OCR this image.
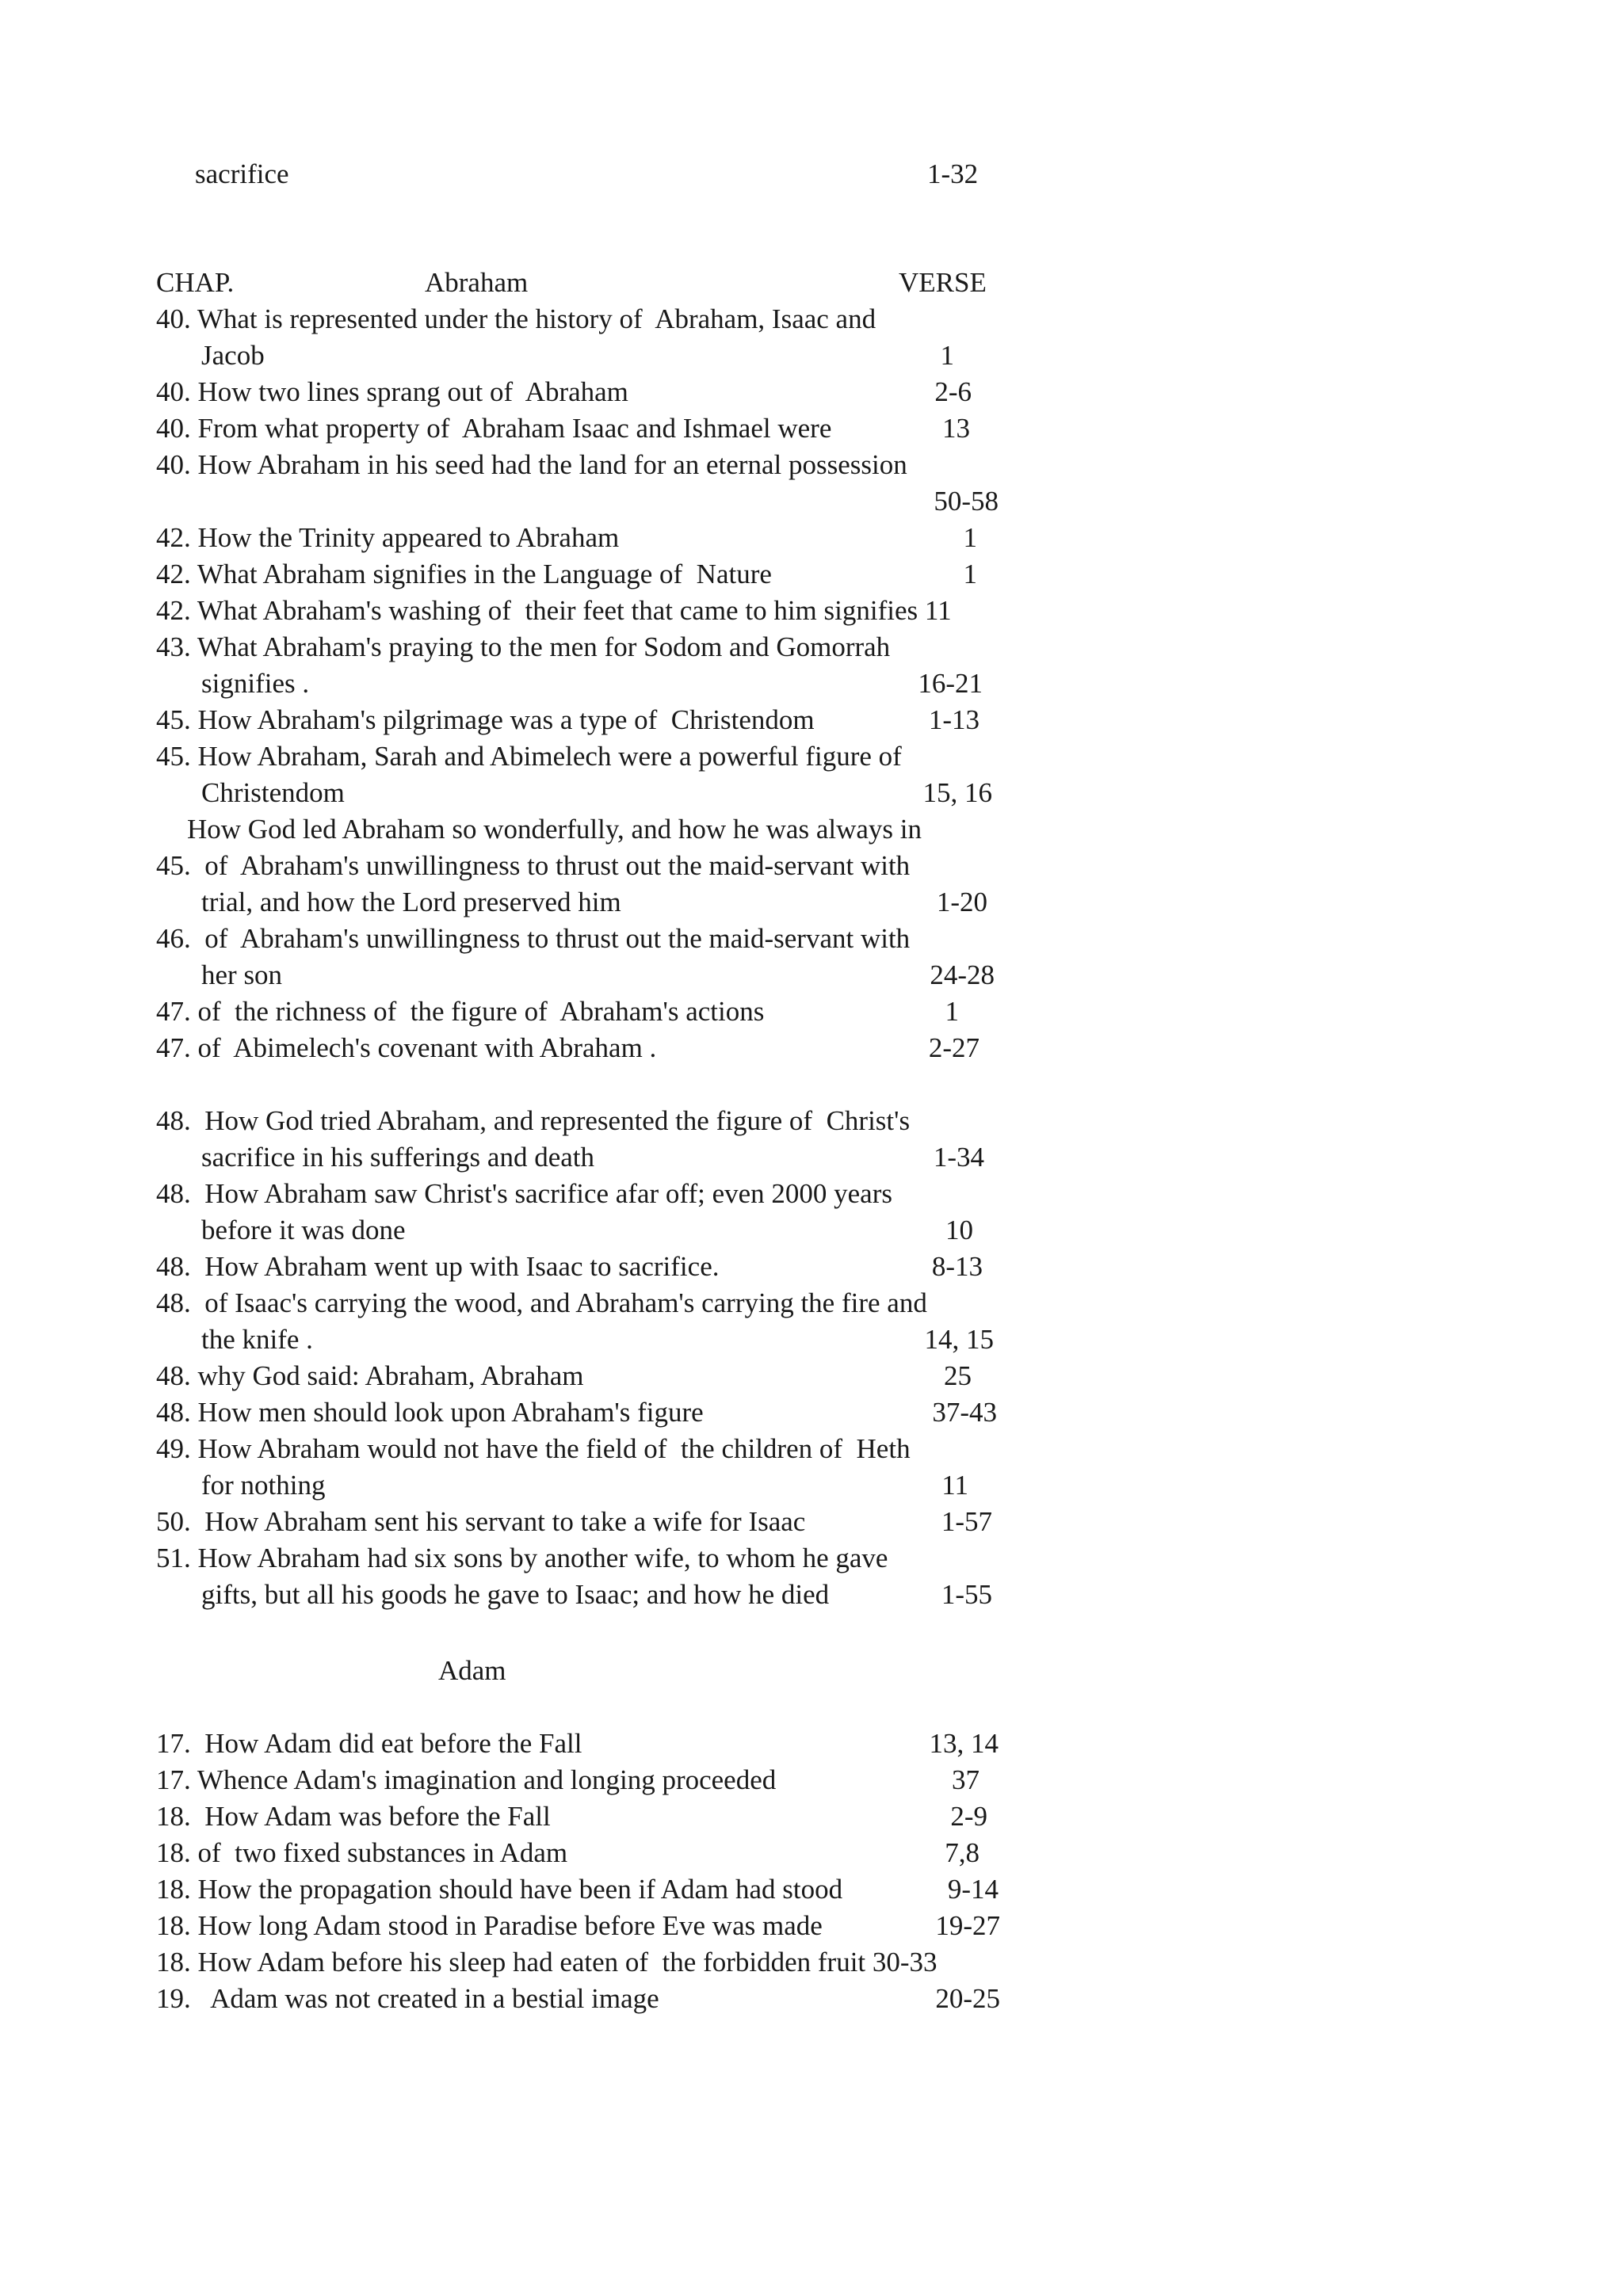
sacrifice	1-32
CHAP.	Abraham	VERSE
40. What is represented under the history of  Abraham, Isaac and
Jacob	1
40. How two lines sprang out of  Abraham	2-6
40. From what property of  Abraham Isaac and Ishmael were	13
40. How Abraham in his seed had the land for an eternal possession
50-58
42. How the Trinity appeared to Abraham	1
42. What Abraham signifies in the Language of  Nature	1
42. What Abraham's washing of  their feet that came to him signifies 11
43. What Abraham's praying to the men for Sodom and Gomorrah
signifies .	16-21
45. How Abraham's pilgrimage was a type of  Christendom	1-13
45. How Abraham, Sarah and Abimelech were a powerful figure of
Christendom	15, 16
How God led Abraham so wonderfully, and how he was always in
45.  of  Abraham's unwillingness to thrust out the maid-servant with
trial, and how the Lord preserved him	1-20
46.  of  Abraham's unwillingness to thrust out the maid-servant with
her son	24-28
47. of  the richness of  the figure of  Abraham's actions	1
47. of  Abimelech's covenant with Abraham .	2-27
48.  How God tried Abraham, and represented the figure of  Christ's
sacrifice in his sufferings and death	1-34
48.  How Abraham saw Christ's sacrifice afar off; even 2000 years
before it was done	10
48.  How Abraham went up with Isaac to sacrifice.	8-13
48.  of Isaac's carrying the wood, and Abraham's carrying the fire and
the knife .	14, 15
48. why God said: Abraham, Abraham	25
48. How men should look upon Abraham's figure	37-43
49. How Abraham would not have the field of  the children of  Heth
for nothing	11
50.  How Abraham sent his servant to take a wife for Isaac	1-57
51. How Abraham had six sons by another wife, to whom he gave
gifts, but all his goods he gave to Isaac; and how he died	1-55
Adam
17.  How Adam did eat before the Fall	13, 14
17. Whence Adam's imagination and longing proceeded	37
18.  How Adam was before the Fall	2-9
18. of  two fixed substances in Adam	7,8
18. How the propagation should have been if Adam had stood	9-14
18. How long Adam stood in Paradise before Eve was made	19-27
18. How Adam before his sleep had eaten of  the forbidden fruit 30-33
19.   Adam was not created in a bestial image	20-25
